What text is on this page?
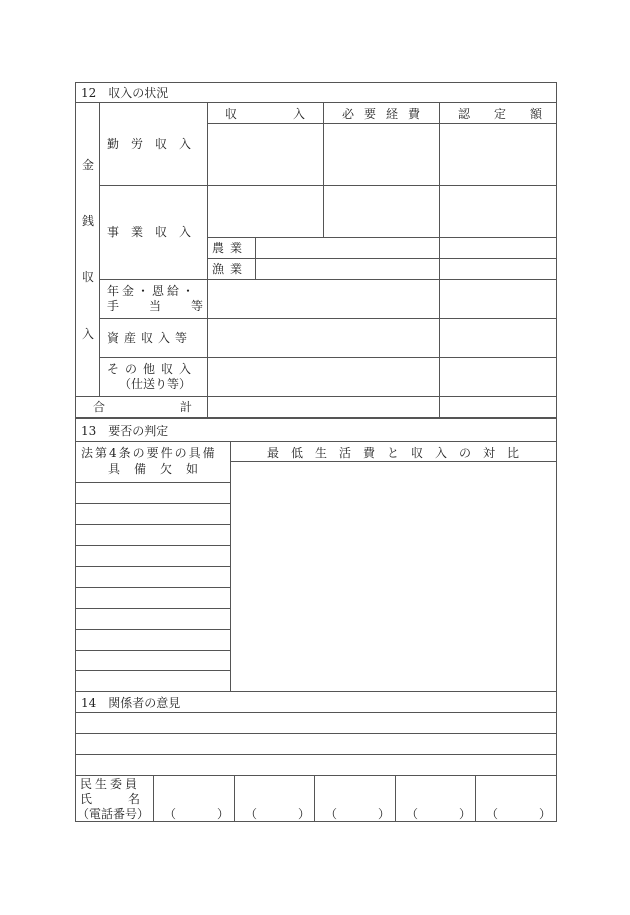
12　収入の状況
金
銭
収
入
収入
必要経費 認定額
勤労収入
事業収入
農業
漁業
年金・恩給・
手当等
資産収入等
その他収入
（仕送り等）
合計
13　要否の判定
法第4条の要件の具備
具備欠如
最低生活費と収入の対比
14　関係者の意見
民生委員
氏名
（電話番号） （）
（）
（）
（）
（）
